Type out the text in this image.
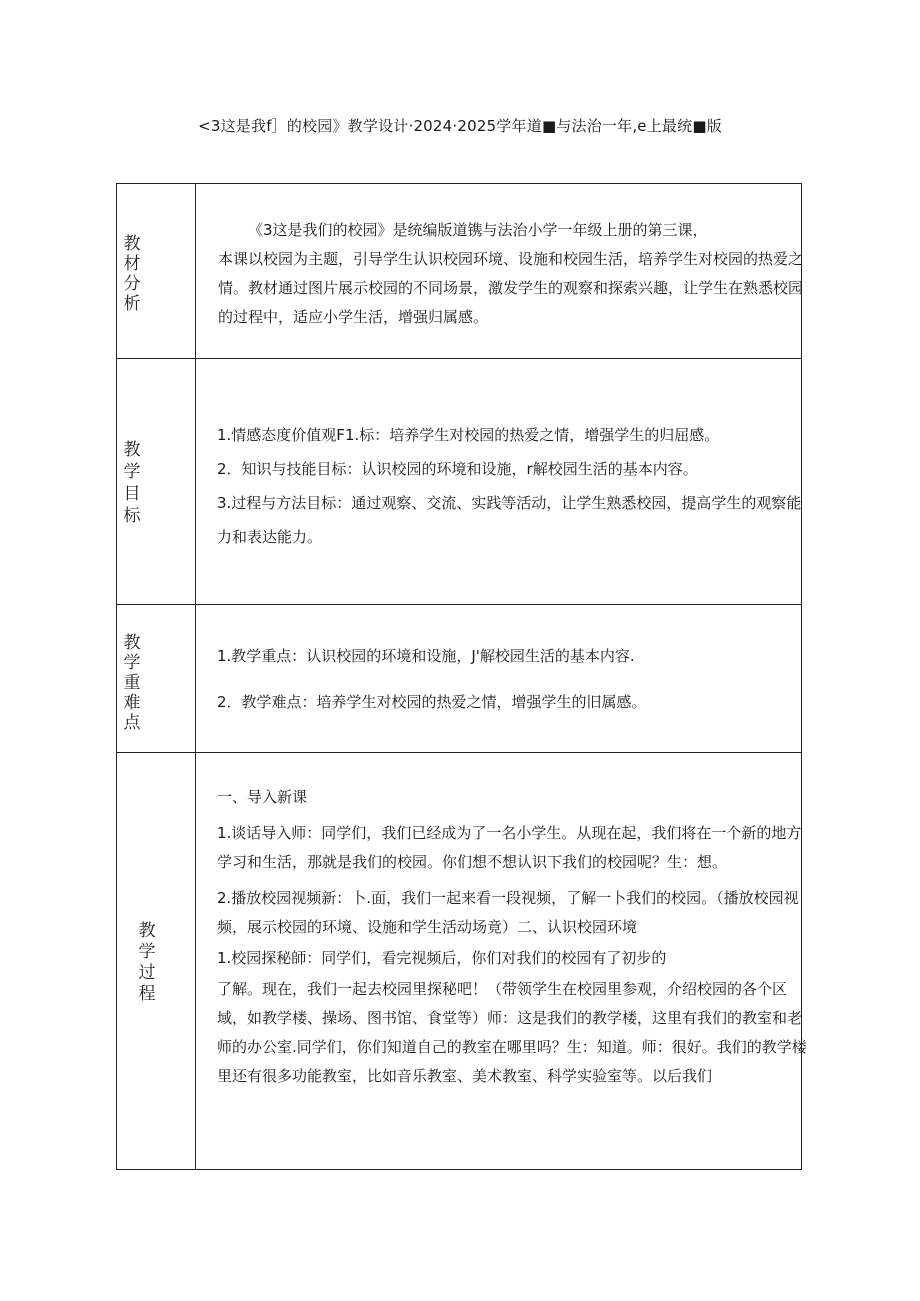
<3这是我f］的校园》教学设计·2024·2025学年道■与法治一年,e上最统■版
教材分析	《3这是我们的校园》是统编版道镌与法治小学一年级上册的第三课，

本课以校园为主题，引导学生认识校园环境、设施和校园生活，培养学生对校园的热爱之情。教材通过图片展示校园的不同场景，激发学生的观察和探索兴趣，让学生在熟悉校园的过程中，适应小学生活，增强归属感。

教学目标	1.情感态度价值观F1.标：培养学生对校园的热爱之情，增强学生的归屈感。

2．知识与技能目标：认识校园的环境和设施，r解校园生活的基本内容。

3.过程与方法目标：通过观察、交流、实践等活动，让学生熟悉校园，提高学生的观察能力和表达能力。

教学重难点	1.教学重点：认识校园的环境和设施，J'解校园生活的基本内容.

2．教学难点：培养学生对校园的热爱之情，增强学生的旧属感。

教学过程	一、导入新课

1.谈话导入师：同学们，我们已经成为了一名小学生。从现在起，我们将在一个新的地方学习和生活，那就是我们的校园。你们想不想认识下我们的校园呢？生：想。

2.播放校园视频新：卜.面，我们一起来看一段视频，了解一卜我们的校园。（播放校园视频，展示校园的环境、设施和学生活动场竟）二、认识校园环境

1.校园探秘師：同学们，看完视频后，你们对我们的校园有了初步的

了解。现在，我们一起去校园里探秘吧！（带领学生在校园里参观，介绍校园的各个区域，如教学楼、操场、图书馆、食堂等）师：这是我们的教学楼，这里有我们的教室和老师的办公室.同学们，你们知道自己的教室在哪里吗？生：知道。师：很好。我们的教学楼里还有很多功能教室，比如音乐教室、美术教室、科学实验室等。以后我们
